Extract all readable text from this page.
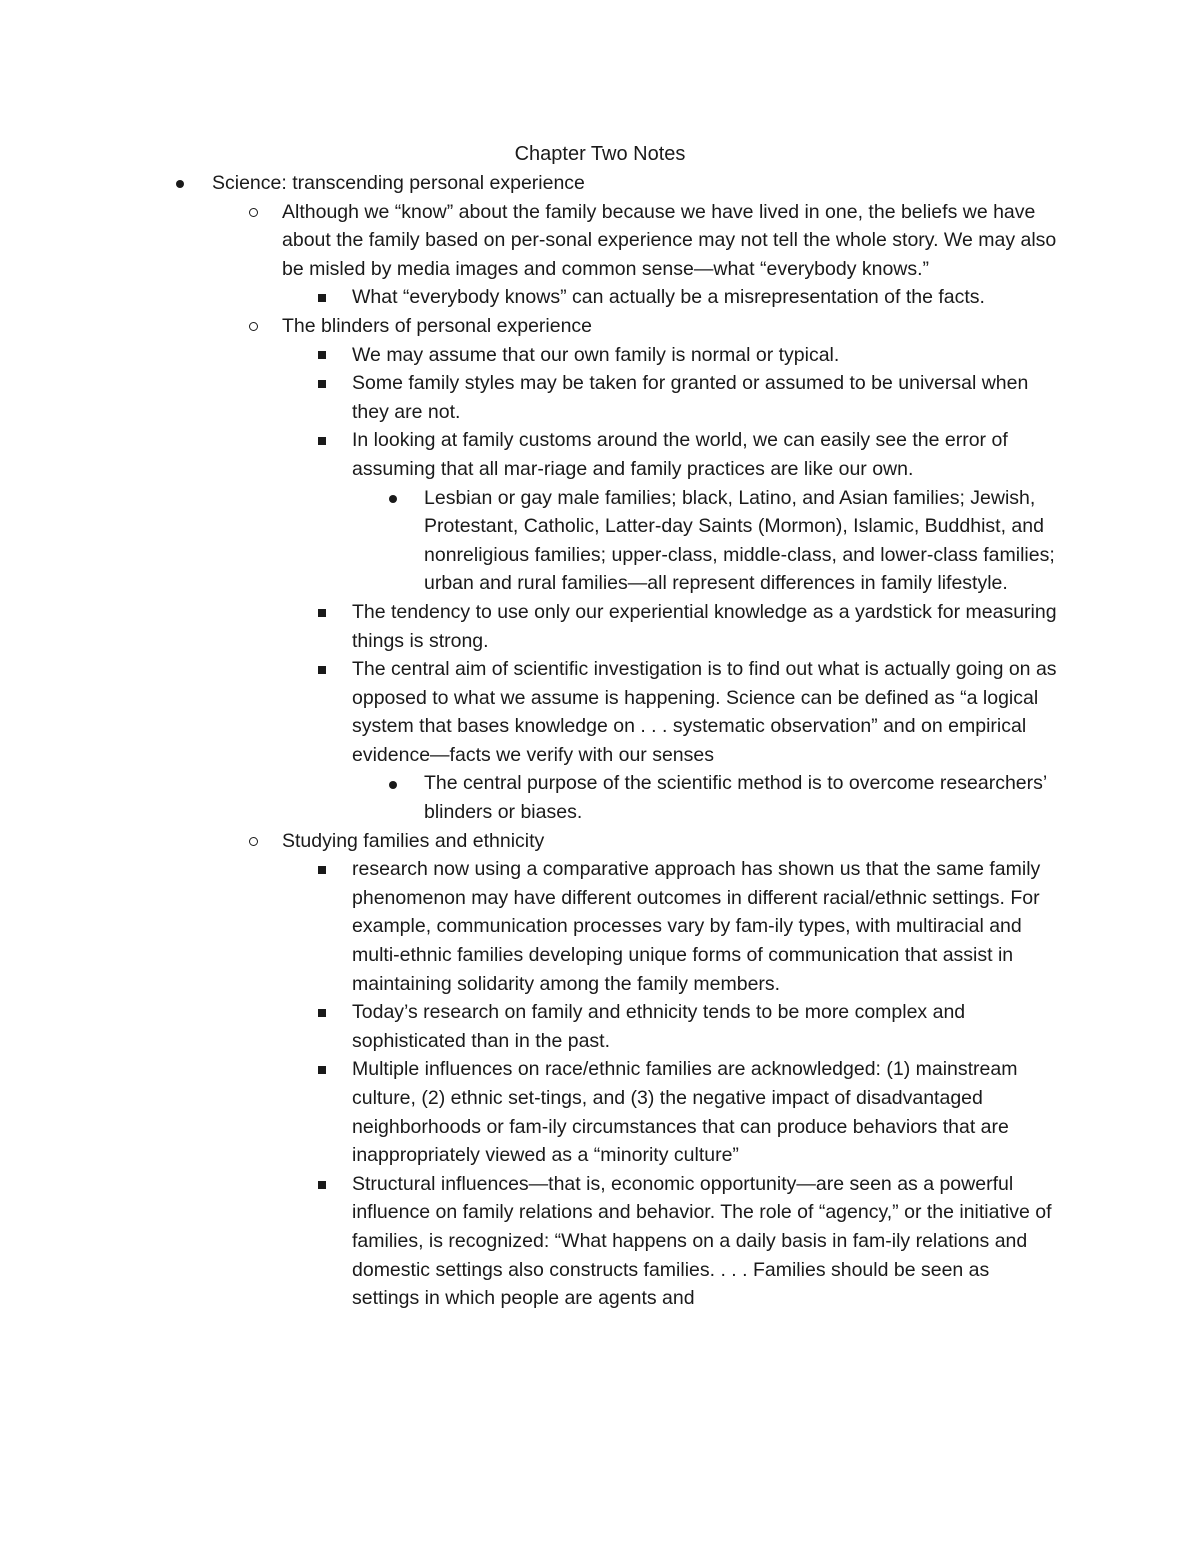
Chapter Two Notes
Science: transcending personal experience
Although we “know” about the family because we have lived in one, the beliefs we have about the family based on per-sonal experience may not tell the whole story. We may also be misled by media images and common sense—what “everybody knows.”
What “everybody knows” can actually be a misrepresentation of the facts.
The blinders of personal experience
We may assume that our own family is normal or typical.
Some family styles may be taken for granted or assumed to be universal when they are not.
In looking at family customs around the world, we can easily see the error of assuming that all mar-riage and family practices are like our own.
Lesbian or gay male families; black, Latino, and Asian families; Jewish, Protestant, Catholic, Latter-day Saints (Mormon), Islamic, Buddhist, and nonreligious families; upper-class, middle-class, and lower-class families; urban and rural families—all represent differences in family lifestyle.
The tendency to use only our experiential knowledge as a yardstick for measuring things is strong.
The central aim of scientific investigation is to find out what is actually going on as opposed to what we assume is happening. Science can be defined as “a logical system that bases knowledge on . . . systematic observation” and on empirical evidence—facts we verify with our senses
The central purpose of the scientific method is to overcome researchers’ blinders or biases.
Studying families and ethnicity
research now using a comparative approach has shown us that the same family phenomenon may have different outcomes in different racial/ethnic settings. For example, communication processes vary by fam-ily types, with multiracial and multi-ethnic families developing unique forms of communication that assist in maintaining solidarity among the family members.
Today’s research on family and ethnicity tends to be more complex and sophisticated than in the past.
Multiple influences on race/ethnic families are acknowledged: (1) mainstream culture, (2) ethnic set-tings, and (3) the negative impact of disadvantaged neighborhoods or fam-ily circumstances that can produce behaviors that are inappropriately viewed as a “minority culture”
Structural influences—that is, economic opportunity—are seen as a powerful influence on family relations and behavior. The role of “agency,” or the initiative of families, is recognized: “What happens on a daily basis in fam-ily relations and domestic settings also constructs families. . . . Families should be seen as settings in which people are agents and
